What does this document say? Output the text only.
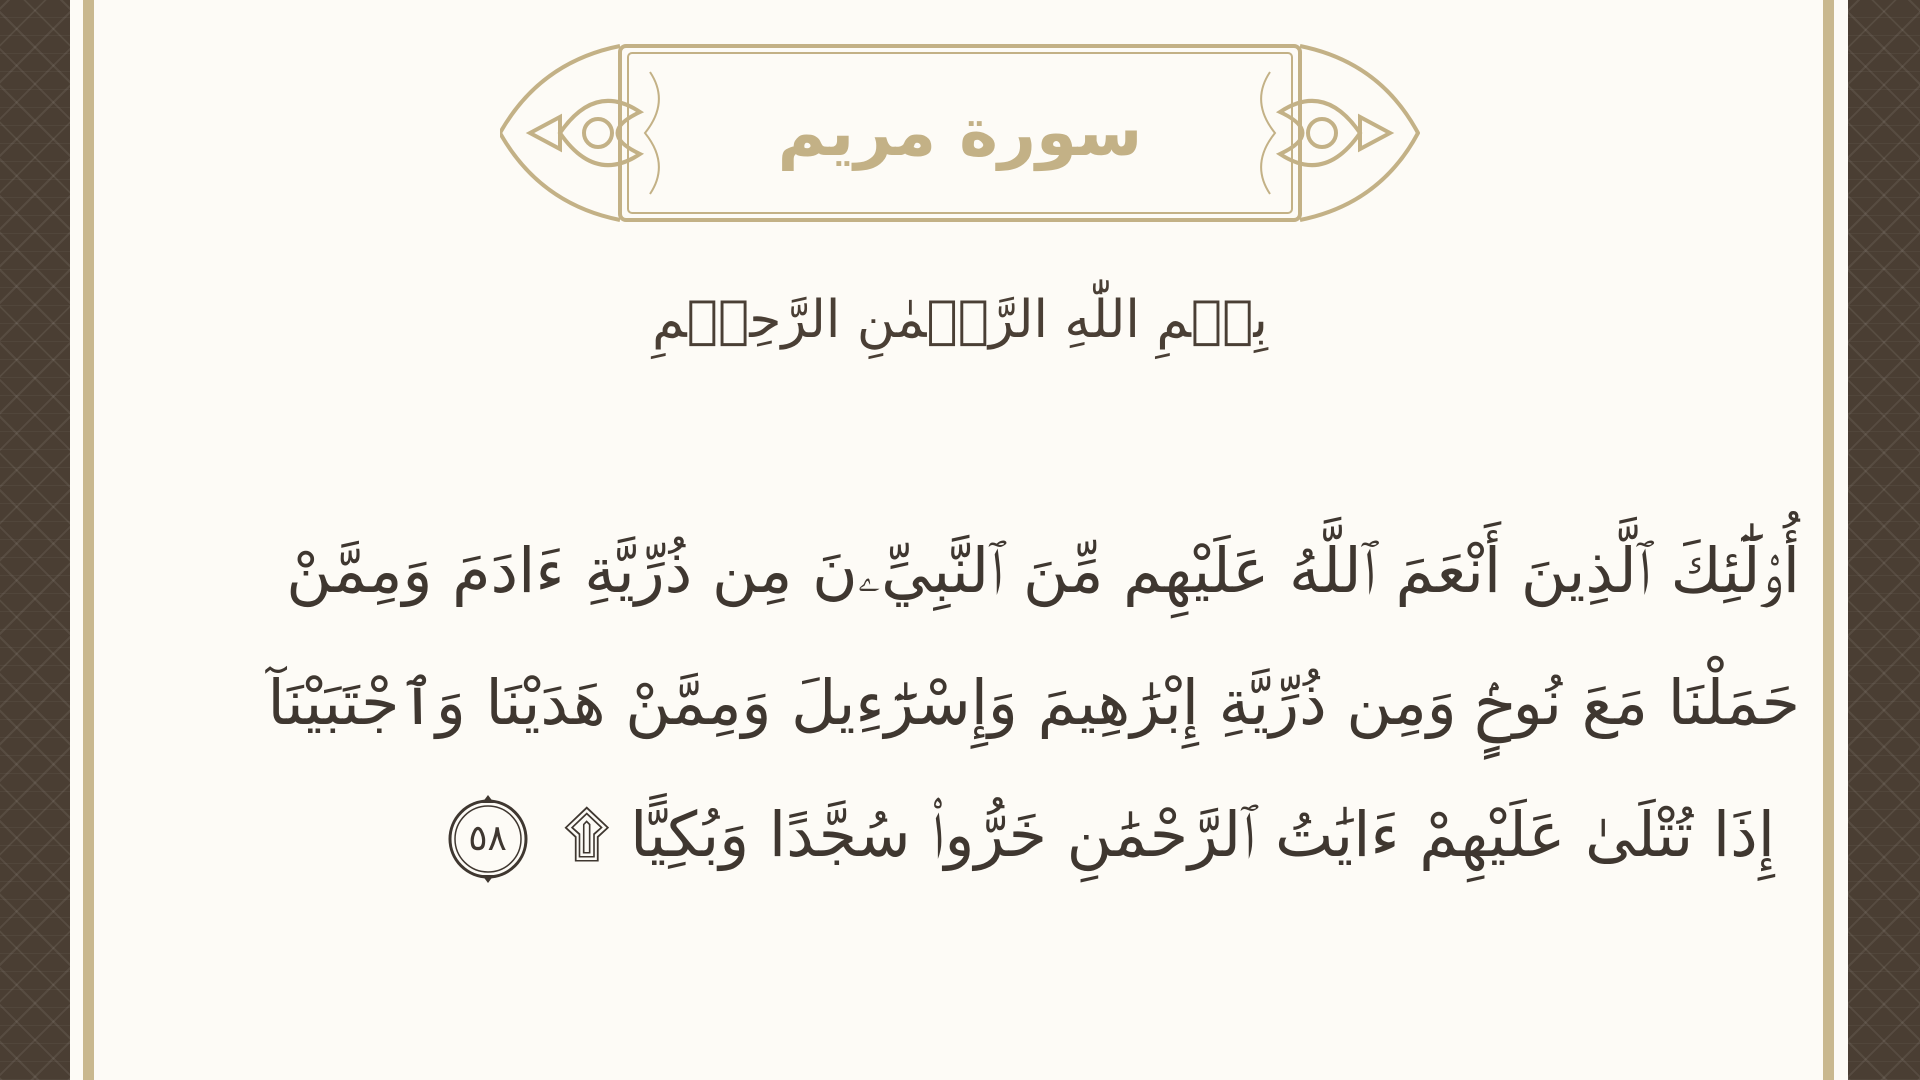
سورة مريم
بِسۡمِ اللّٰهِ الرَّحۡمٰنِ الرَّحِيۡمِ
أُو۟لَٰٓئِكَ ٱلَّذِينَ أَنْعَمَ ٱللَّهُ عَلَيْهِم مِّنَ ٱلنَّبِيِّۦنَ مِن ذُرِّيَّةِ ءَادَمَ وَمِمَّنْ
حَمَلْنَا مَعَ نُوحٍۢ وَمِن ذُرِّيَّةِ إِبْرَٰهِيمَ وَإِسْرَٰٓءِيلَ وَمِمَّنْ هَدَيْنَا وَٱجْتَبَيْنَآ
إِذَا تُتْلَىٰ عَلَيْهِمْ ءَايَٰتُ ٱلرَّحْمَٰنِ خَرُّوا۟ سُجَّدًا وَبُكِيًّا ۩
٥٨
